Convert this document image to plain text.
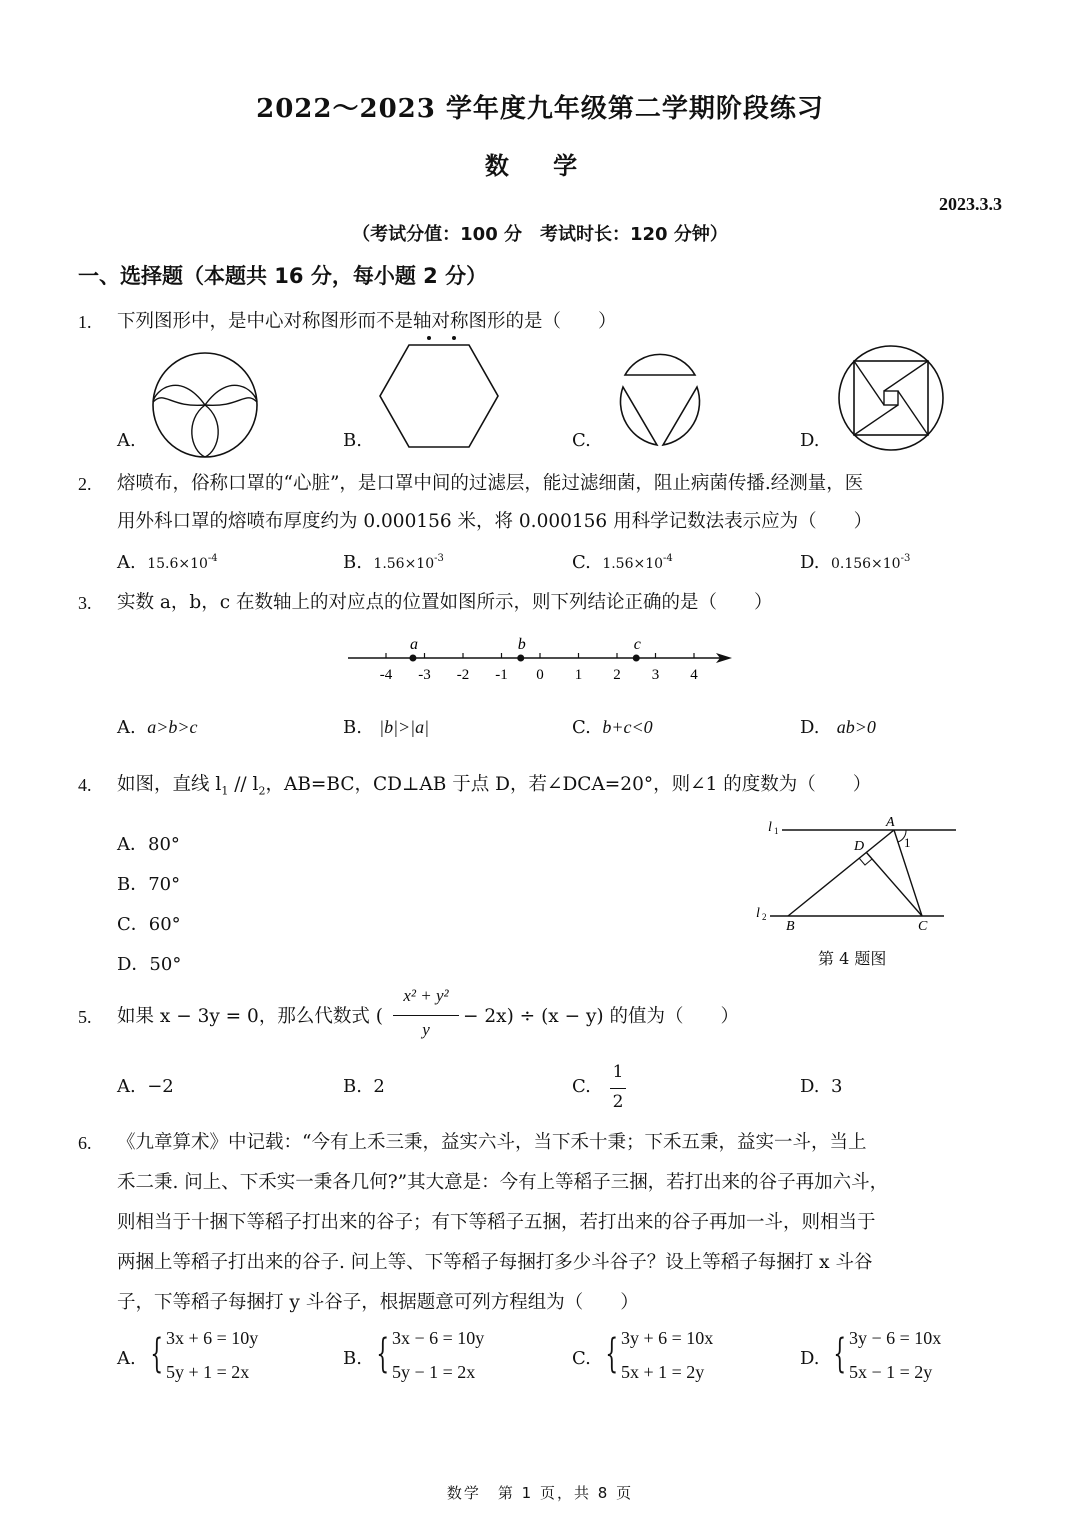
2022～2023 学年度九年级第二学期阶段练习
数 学
2023.3.3
（考试分值：100 分　考试时长：120 分钟）
一、选择题（本题共 16 分，每小题 2 分）
1. 下列图形中，是中心对称图形而不是轴对称图形的是（　　）
A.	B.	C.	D.
2. 熔喷布，俗称口罩的“心脏”，是口罩中间的过滤层，能过滤细菌，阻止病菌传播.经测量，医
用外科口罩的熔喷布厚度约为 0.000156 米，将 0.000156 用科学记数法表示应为（　　）
A. $15.6\times 10^{-4}$	B. $1.56\times 10^{-3}$	C. $1.56\times 10^{-4}$	D. $0.156\times 10^{-3}$
3. 实数 a，b，c 在数轴上的对应点的位置如图所示，则下列结论正确的是（　　）
-4 -3 -2 -1 0 1 2 3 4
a	b	c
A. a>b>c	B. |b|>|a|	C. b+c<0	D. ab>0
4. 如图，直线 $l_1 // l_2$，AB=BC，CD⊥AB 于点 D，若∠DCA=20°，则∠1 的度数为（　　）
A．80°
B．70°
C．60°
D．50°
l 1
l 2
A
B	C
D	1
第 4 题图
5. 如果 x − 3y = 0，那么代数式 (
x² + y²
y
− 2x) ÷ (x − y) 的值为（　　）
A. −2	B. 2	C.
1
2
D. 3
6. 《九章算术》中记载：“今有上禾三秉，益实六斗，当下禾十秉；下禾五秉，益实一斗，当上
禾二秉. 问上、下禾实一秉各几何?”其大意是：今有上等稻子三捆，若打出来的谷子再加六斗，
则相当于十捆下等稻子打出来的谷子；有下等稻子五捆，若打出来的谷子再加一斗，则相当于
两捆上等稻子打出来的谷子. 问上等、下等稻子每捆打多少斗谷子？设上等稻子每捆打 x 斗谷
子，下等稻子每捆打 y 斗谷子，根据题意可列方程组为（　　）
A. { 3x + 6 = 10y
5y + 1 = 2x
B. { 3x − 6 = 10y
5y − 1 = 2x
C. { 3y + 6 = 10x
5x + 1 = 2y
D. { 3y − 6 = 10x
5x − 1 = 2y
数学　第 1 页，共 8 页
